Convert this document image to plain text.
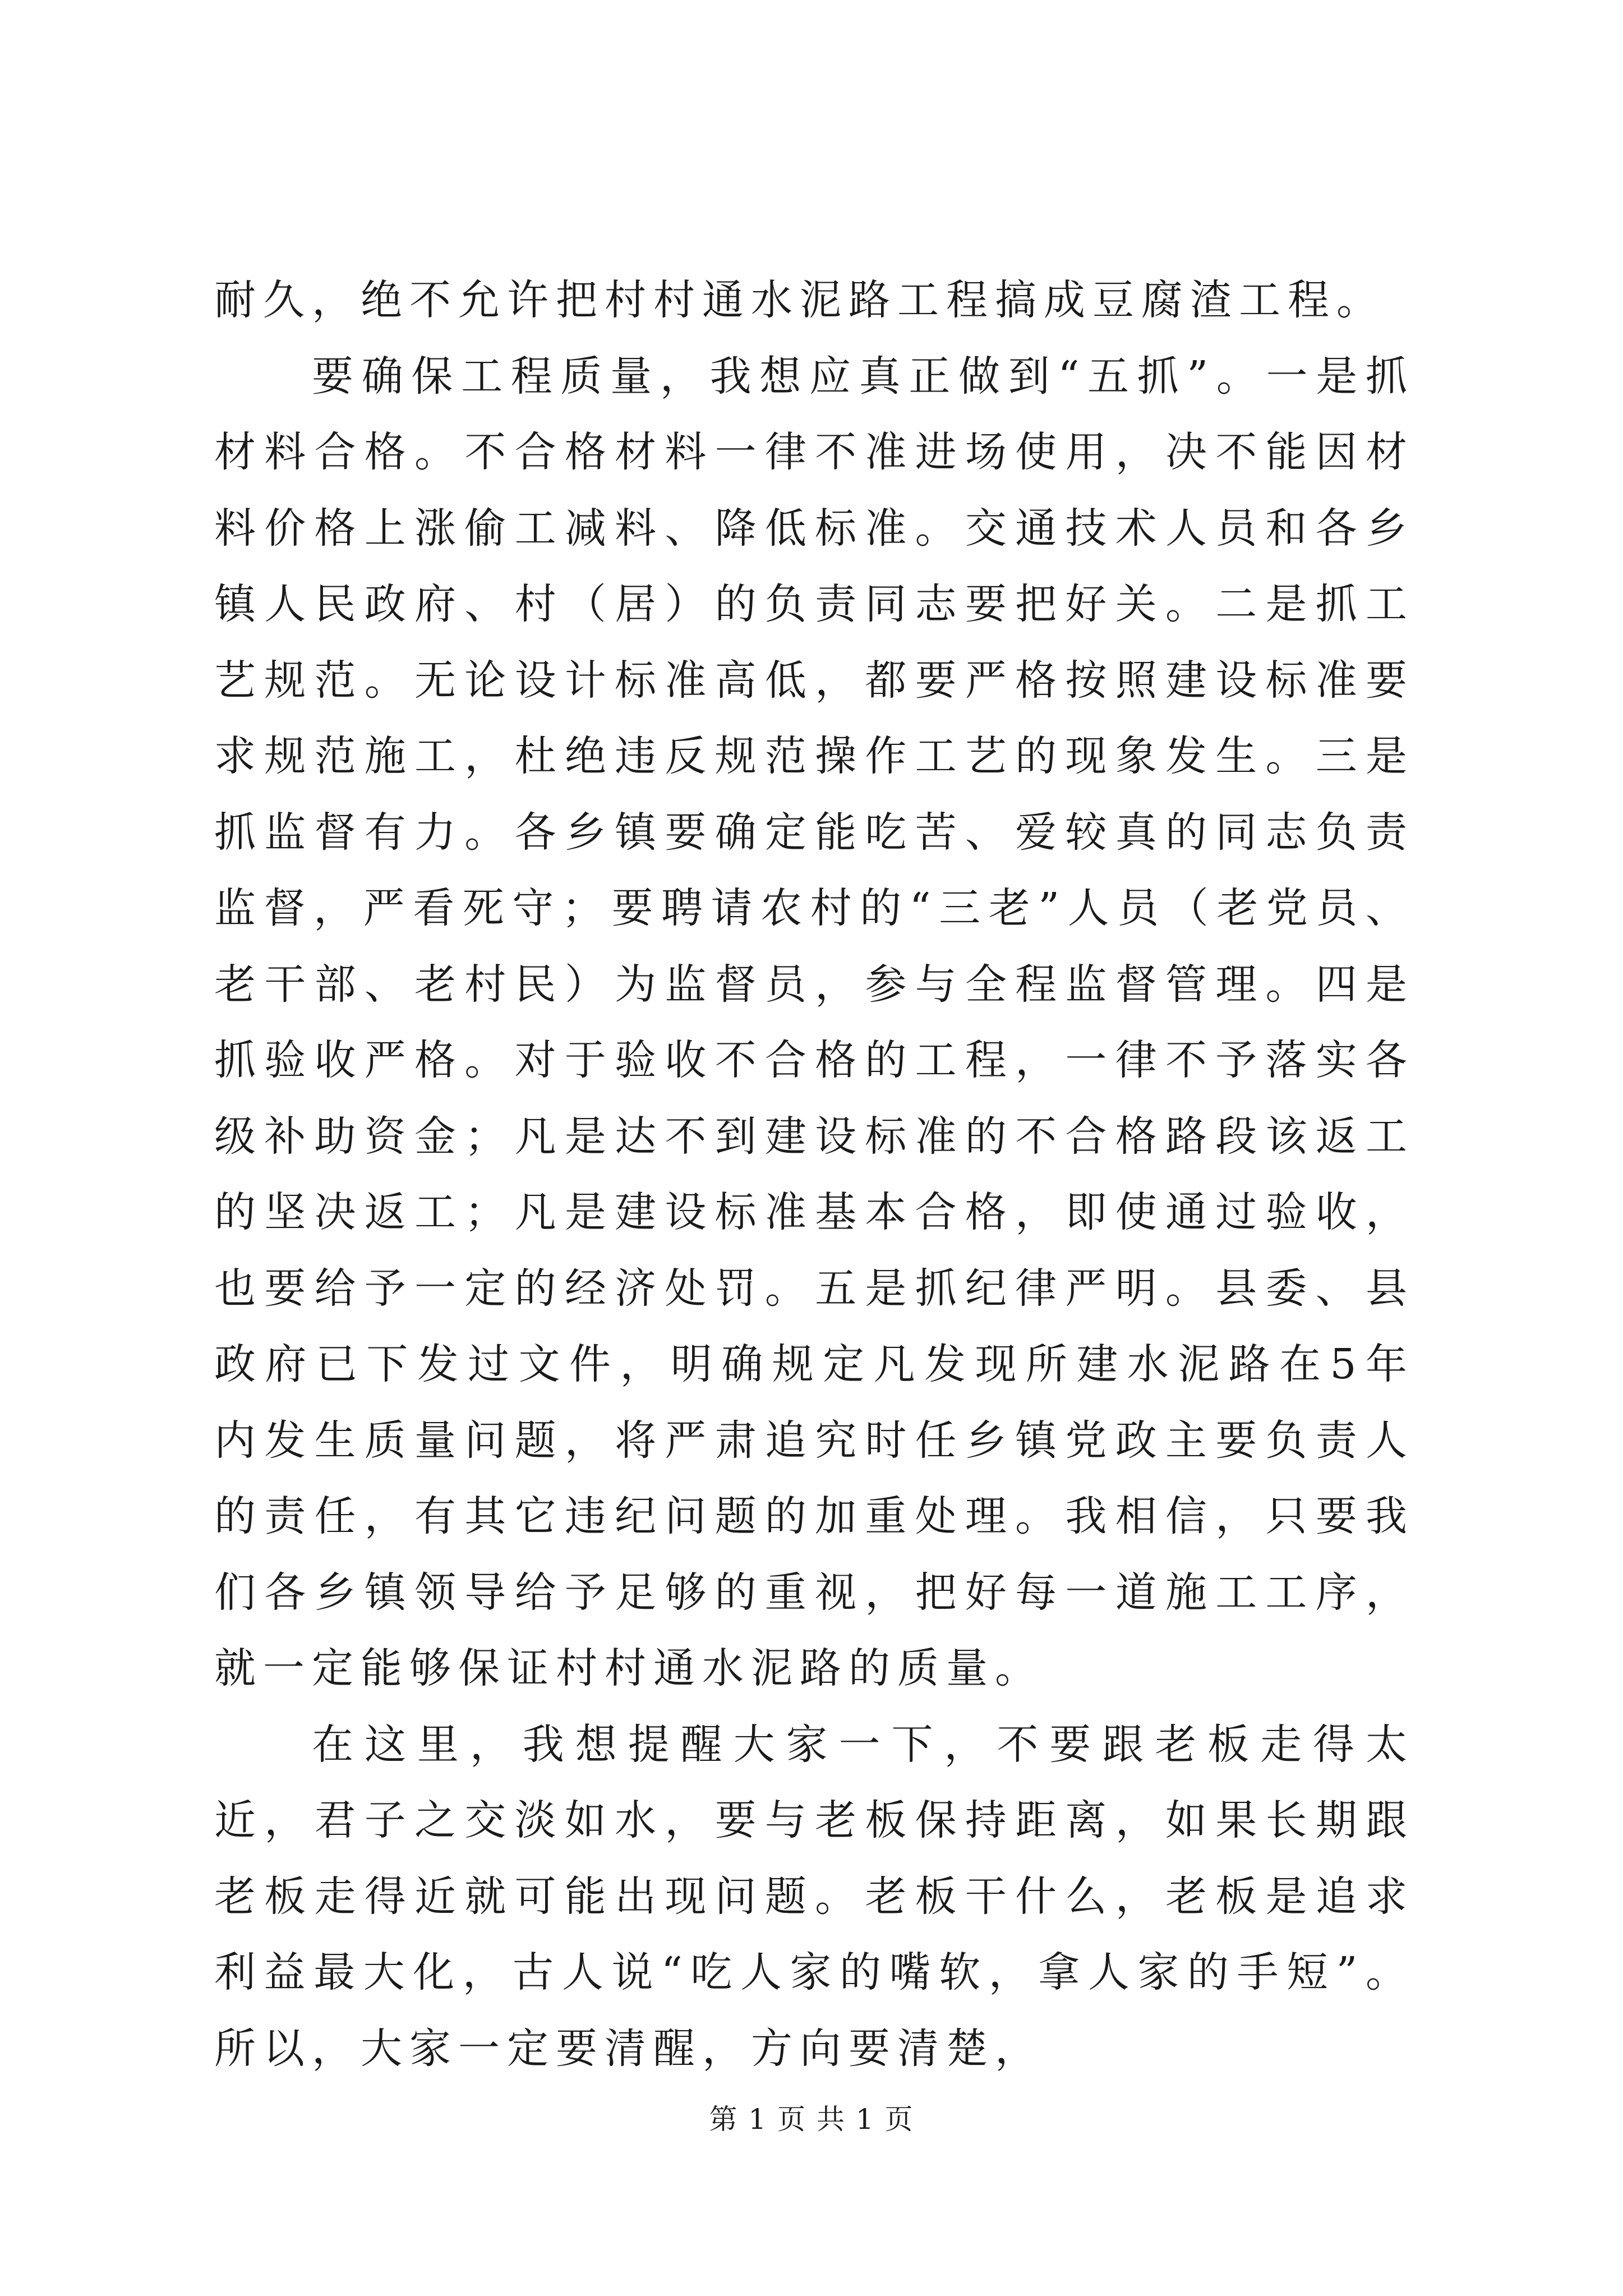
耐久，绝不允许把村村通水泥路工程搞成豆腐渣工程。

要确保工程质量，我想应真正做到“五抓”。一是抓材料合格。不合格材料一律不准进场使用，决不能因材料价格上涨偷工减料、降低标准。交通技术人员和各乡镇人民政府、村（居）的负责同志要把好关。二是抓工艺规范。无论设计标准高低，都要严格按照建设标准要求规范施工，杜绝违反规范操作工艺的现象发生。三是抓监督有力。各乡镇要确定能吃苦、爱较真的同志负责监督，严看死守；要聘请农村的“三老”人员（老党员、老干部、老村民）为监督员，参与全程监督管理。四是抓验收严格。对于验收不合格的工程，一律不予落实各级补助资金；凡是达不到建设标准的不合格路段该返工的坚决返工；凡是建设标准基本合格，即使通过验收，也要给予一定的经济处罚。五是抓纪律严明。县委、县政府已下发过文件，明确规定凡发现所建水泥路在5年内发生质量问题，将严肃追究时任乡镇党政主要负责人的责任，有其它违纪问题的加重处理。我相信，只要我们各乡镇领导给予足够的重视，把好每一道施工工序，就一定能够保证村村通水泥路的质量。

在这里，我想提醒大家一下，不要跟老板走得太近，君子之交淡如水，要与老板保持距离，如果长期跟老板走得近就可能出现问题。老板干什么，老板是追求利益最大化，古人说“吃人家的嘴软，拿人家的手短”。所以，大家一定要清醒，方向要清楚，

第 1 页 共 1 页
